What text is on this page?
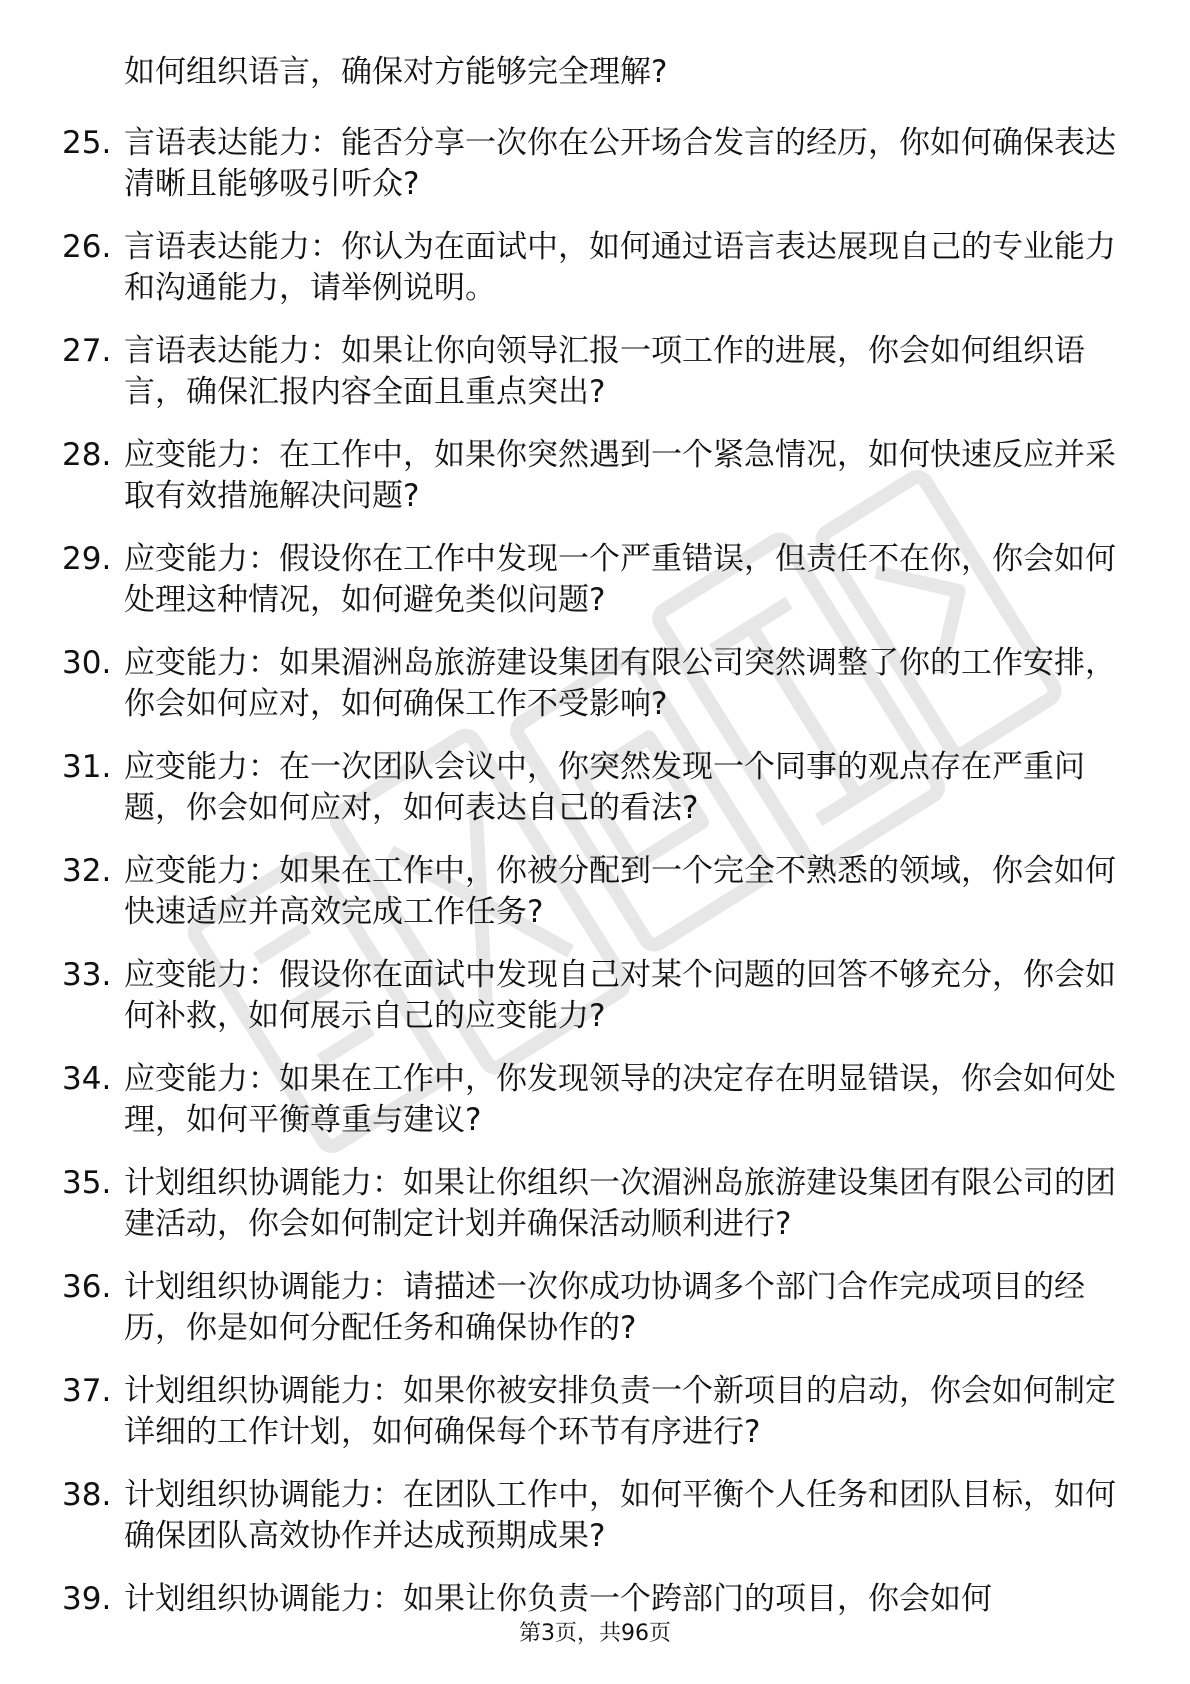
如何组织语言，确保对方能够完全理解?
25. 言语表达能力：能否分享一次你在公开场合发言的经历，你如何确保表达清晰且能够吸引听众?
26. 言语表达能力：你认为在面试中，如何通过语言表达展现自己的专业能力和沟通能力，请举例说明。
27. 言语表达能力：如果让你向领导汇报一项工作的进展，你会如何组织语言，确保汇报内容全面且重点突出?
28. 应变能力：在工作中，如果你突然遇到一个紧急情况，如何快速反应并采取有效措施解决问题?
29. 应变能力：假设你在工作中发现一个严重错误，但责任不在你，你会如何处理这种情况，如何避免类似问题?
30. 应变能力：如果湄洲岛旅游建设集团有限公司突然调整了你的工作安排，你会如何应对，如何确保工作不受影响?
31. 应变能力：在一次团队会议中，你突然发现一个同事的观点存在严重问题，你会如何应对，如何表达自己的看法?
32. 应变能力：如果在工作中，你被分配到一个完全不熟悉的领域，你会如何快速适应并高效完成工作任务?
33. 应变能力：假设你在面试中发现自己对某个问题的回答不够充分，你会如何补救，如何展示自己的应变能力?
34. 应变能力：如果在工作中，你发现领导的决定存在明显错误，你会如何处理，如何平衡尊重与建议?
35. 计划组织协调能力：如果让你组织一次湄洲岛旅游建设集团有限公司的团建活动，你会如何制定计划并确保活动顺利进行?
36. 计划组织协调能力：请描述一次你成功协调多个部门合作完成项目的经历，你是如何分配任务和确保协作的?
37. 计划组织协调能力：如果你被安排负责一个新项目的启动，你会如何制定详细的工作计划，如何确保每个环节有序进行?
38. 计划组织协调能力：在团队工作中，如何平衡个人任务和团队目标，如何确保团队高效协作并达成预期成果?
39. 计划组织协调能力：如果让你负责一个跨部门的项目，你会如何
第3页，共96页
